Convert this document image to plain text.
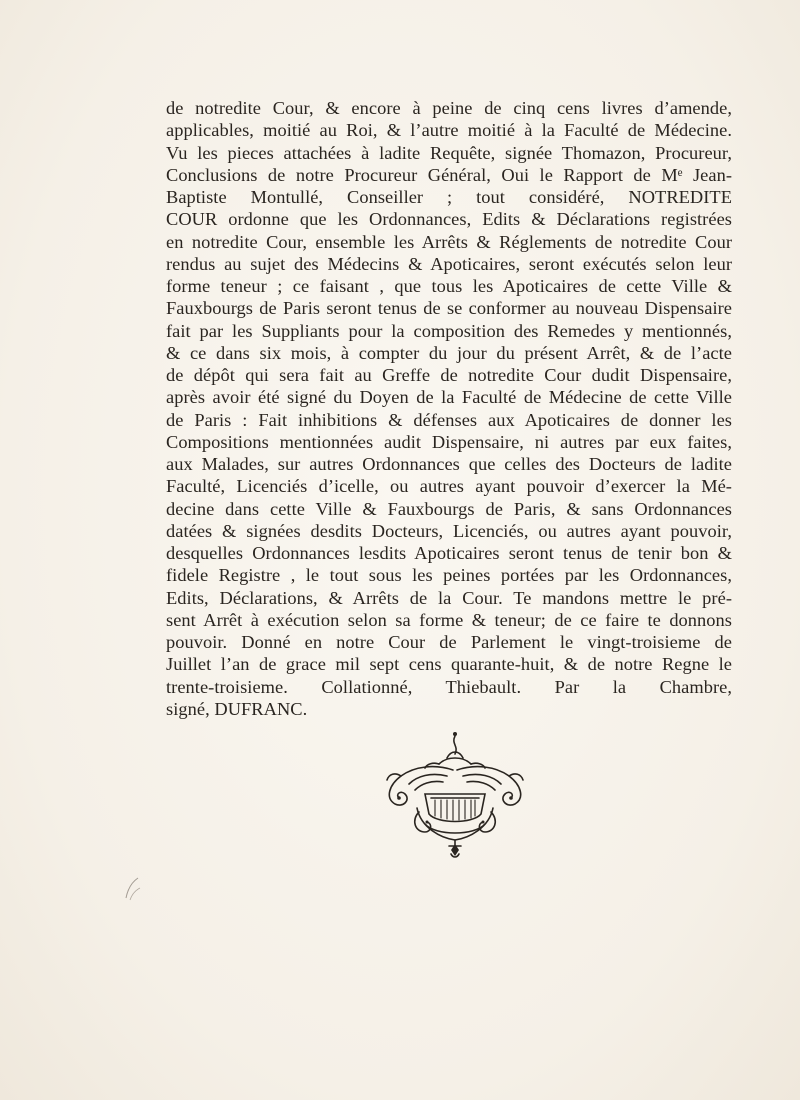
de notredite Cour, & encore à peine de cinq cens livres d’amende,
applicables, moitié au Roi, & l’autre moitié à la Faculté de Médecine.
Vu les pieces attachées à ladite Requête, signée Thomazon, Procureur,
Conclusions de notre Procureur Général, Oui le Rapport de Mᵉ Jean-
Baptiste Montullé, Conseiller ; tout considéré, NOTREDITE
COUR ordonne que les Ordonnances, Edits & Déclarations registrées
en notredite Cour, ensemble les Arrêts & Réglements de notredite Cour
rendus au sujet des Médecins & Apoticaires, seront exécutés selon leur
forme teneur ; ce faisant , que tous les Apoticaires de cette Ville &
Fauxbourgs de Paris seront tenus de se conformer au nouveau Dispensaire
fait par les Suppliants pour la composition des Remedes y mentionnés,
& ce dans six mois, à compter du jour du présent Arrêt, & de l’acte
de dépôt qui sera fait au Greffe de notredite Cour dudit Dispensaire,
après avoir été signé du Doyen de la Faculté de Médecine de cette Ville
de Paris : Fait inhibitions & défenses aux Apoticaires de donner les
Compositions mentionnées audit Dispensaire, ni autres par eux faites,
aux Malades, sur autres Ordonnances que celles des Docteurs de ladite
Faculté, Licenciés d’icelle, ou autres ayant pouvoir d’exercer la Mé-
decine dans cette Ville & Fauxbourgs de Paris, & sans Ordonnances
datées & signées desdits Docteurs, Licenciés, ou autres ayant pouvoir,
desquelles Ordonnances lesdits Apoticaires seront tenus de tenir bon &
fidele Registre , le tout sous les peines portées par les Ordonnances,
Edits, Déclarations, & Arrêts de la Cour. Te mandons mettre le pré-
sent Arrêt à exécution selon sa forme & teneur; de ce faire te donnons
pouvoir. Donné en notre Cour de Parlement le vingt-troisieme de
Juillet l’an de grace mil sept cens quarante-huit, & de notre Regne le
trente-troisieme. Collationné, Thiebault. Par la Chambre,
signé, DUFRANC.
